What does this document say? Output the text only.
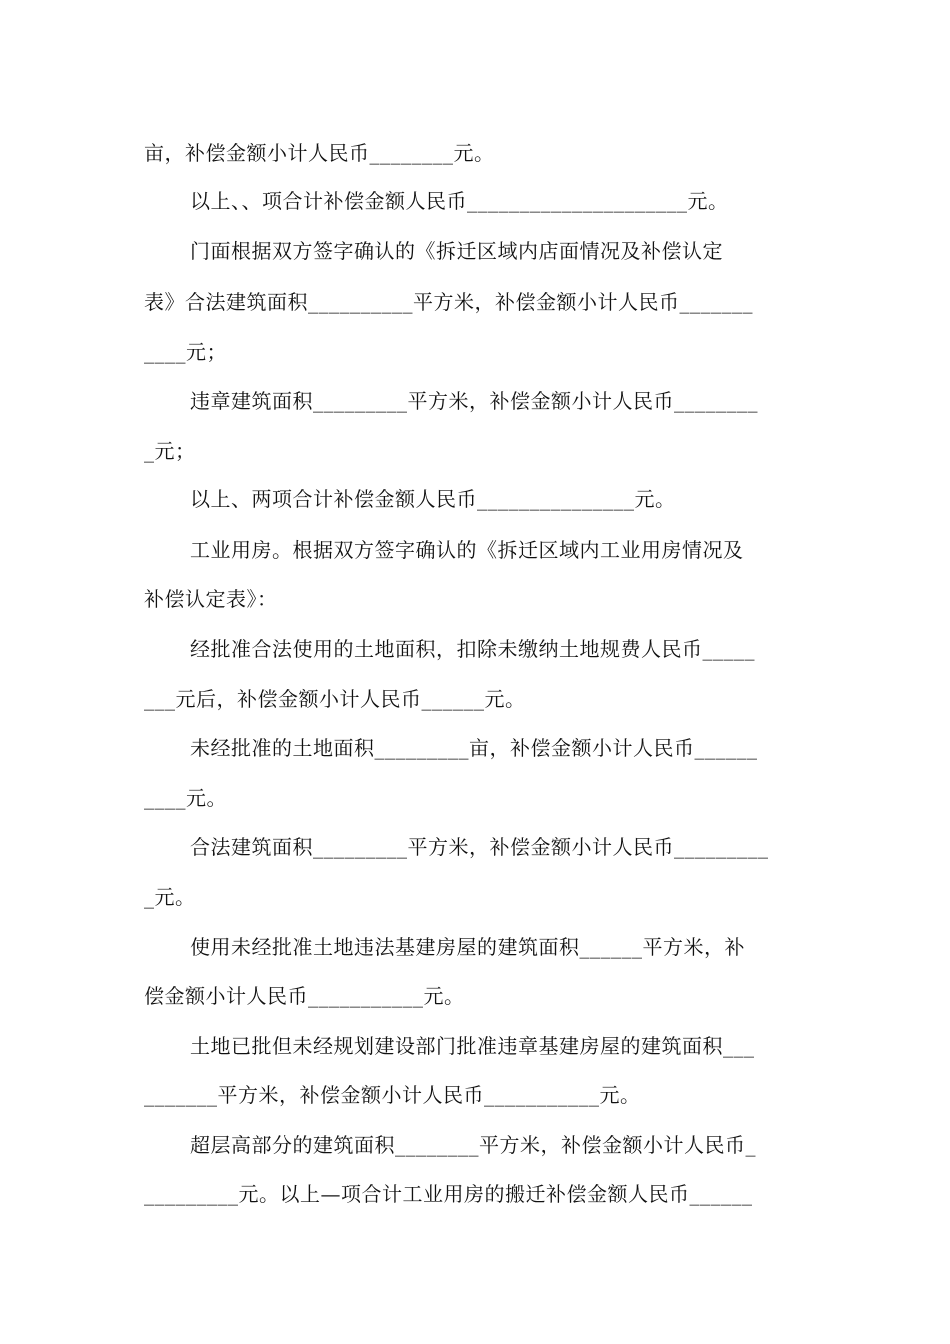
亩，补偿金额小计人民币________元。
以上、、项合计补偿金额人民币_____________________元。
门面根据双方签字确认的《拆迁区域内店面情况及补偿认定
表》合法建筑面积__________平方米，补偿金额小计人民币_______
____元；
违章建筑面积_________平方米，补偿金额小计人民币________
_元；
以上、两项合计补偿金额人民币_______________元。
工业用房。根据双方签字确认的《拆迁区域内工业用房情况及
补偿认定表》：
经批准合法使用的土地面积，扣除未缴纳土地规费人民币_____
___元后，补偿金额小计人民币______元。
未经批准的土地面积_________亩，补偿金额小计人民币______
____元。
合法建筑面积_________平方米，补偿金额小计人民币_________
_元。
使用未经批准土地违法基建房屋的建筑面积______平方米，补
偿金额小计人民币___________元。
土地已批但未经规划建设部门批准违章基建房屋的建筑面积___
_______平方米，补偿金额小计人民币___________元。
超层高部分的建筑面积________平方米，补偿金额小计人民币_
_________元。以上—项合计工业用房的搬迁补偿金额人民币______
